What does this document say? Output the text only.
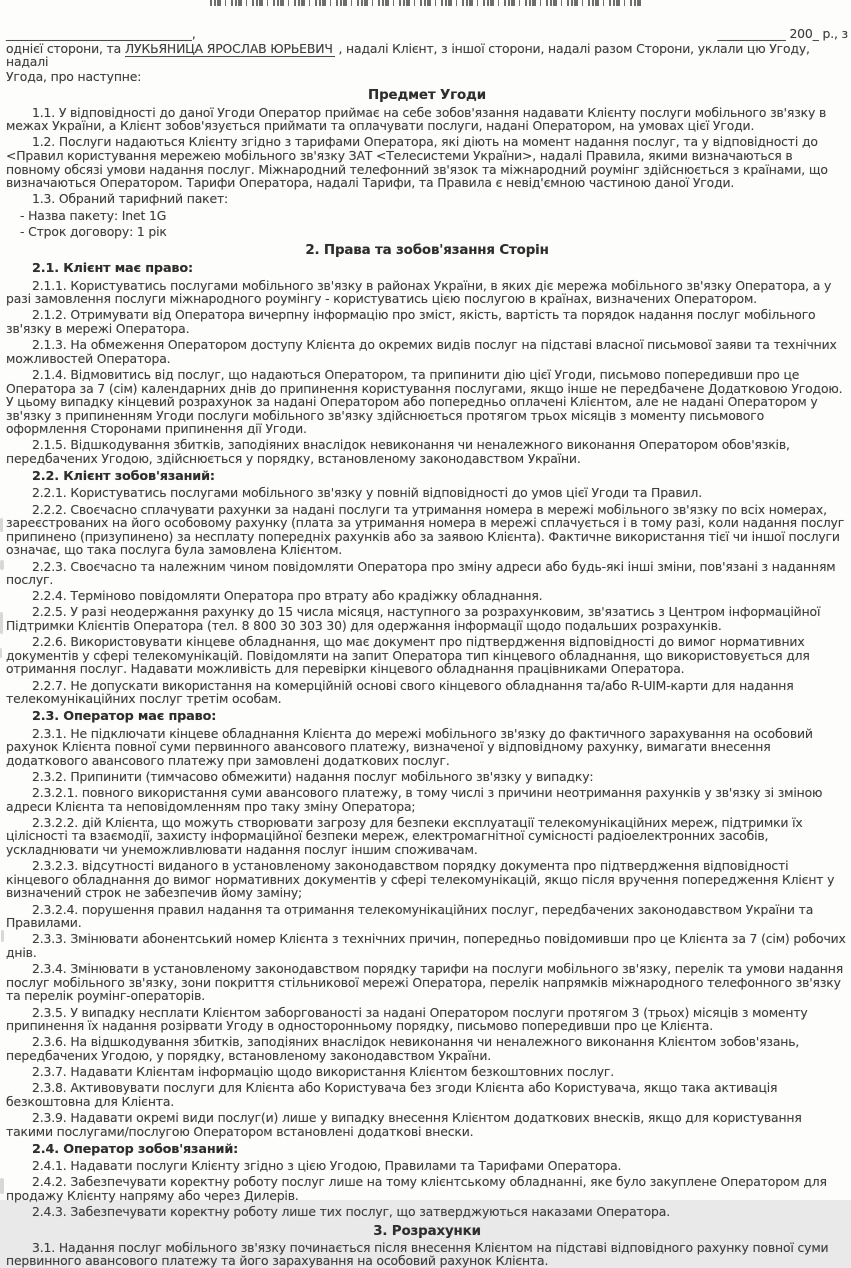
______________________________,	___________ 200_ р., з
однієї сторони, та ЛУКЬЯНИЦА ЯРОСЛАВ ЮРЬЕВИЧ , надалі Клієнт, з іншої сторони, надалі разом Сторони, уклали цю Угоду, надалі
Угода, про наступне:
Предмет Угоди

1.1. У відповідності до даної Угоди Оператор приймає на себе зобов'язання надавати Клієнту послуги мобільного зв'язку в межах України, а Клієнт зобов'язується приймати та оплачувати послуги, надані Оператором, на умовах цієї Угоди.

1.2. Послуги надаються Клієнту згідно з тарифами Оператора, які діють на момент надання послуг, та у відповідності до <Правил користування мережею мобільного зв'язку ЗАТ <Телесистеми України>, надалі Правила, якими визначаються в повному обсязі умови надання послуг. Міжнародний телефонний зв'язок та міжнародний роумінг здійснюється з країнами, що визначаються Оператором. Тарифи Оператора, надалі Тарифи, та Правила є невід'ємною частиною даної Угоди.

1.3. Обраний тарифний пакет:

- Назва пакету: Inet 1G

- Строк договору: 1 рік

2. Права та зобов'язання Сторін

2.1. Клієнт має право:

2.1.1. Користуватись послугами мобільного зв'язку в районах України, в яких діє мережа мобільного зв'язку Оператора, а у разі замовлення послуги міжнародного роумінгу - користуватись цією послугою в країнах, визначених Оператором.

2.1.2. Отримувати від Оператора вичерпну інформацію про зміст, якість, вартість та порядок надання послуг мобільного зв'язку в мережі Оператора.

2.1.3. На обмеження Оператором доступу Клієнта до окремих видів послуг на підставі власної письмової заяви та технічних можливостей Оператора.

2.1.4. Відмовитись від послуг, що надаються Оператором, та припинити дію цієї Угоди, письмово попередивши про це Оператора за 7 (сім) календарних днів до припинення користування послугами, якщо інше не передбачене Додатковою Угодою. У цьому випадку кінцевий розрахунок за надані Оператором або попередньо оплачені Клієнтом, але не надані Оператором у зв'язку з припиненням Угоди послуги мобільного зв'язку здійснюється протягом трьох місяців з моменту письмового оформлення Сторонами припинення дії Угоди.

2.1.5. Відшкодування збитків, заподіяних внаслідок невиконання чи неналежного виконання Оператором обов'язків, передбачених Угодою, здійснюється у порядку, встановленому законодавством України.

2.2. Клієнт зобов'язаний:

2.2.1. Користуватись послугами мобільного зв'язку у повній відповідності до умов цієї Угоди та Правил.

2.2.2. Своєчасно сплачувати рахунки за надані послуги та утримання номера в мережі мобільного зв'язку по всіх номерах, зареєстрованих на його особовому рахунку (плата за утримання номера в мережі сплачується і в тому разі, коли надання послуг припинено (призупинено) за несплату попередніх рахунків або за заявою Клієнта). Фактичне використання тієї чи іншої послуги означає, що така послуга була замовлена Клієнтом.

2.2.3. Своєчасно та належним чином повідомляти Оператора про зміну адреси або будь-які інші зміни, пов'язані з наданням послуг.

2.2.4. Терміново повідомляти Оператора про втрату або крадіжку обладнання.

2.2.5. У разі неодержання рахунку до 15 числа місяця, наступного за розрахунковим, зв'язатись з Центром інформаційної Підтримки Клієнтів Оператора (тел. 8 800 30 303 30) для одержання інформації щодо подальших розрахунків.

2.2.6. Використовувати кінцеве обладнання, що має документ про підтвердження відповідності до вимог нормативних документів у сфері телекомунікацій. Повідомляти на запит Оператора тип кінцевого обладнання, що використовується для отримання послуг. Надавати можливість для перевірки кінцевого обладнання працівниками Оператора.

2.2.7. Не допускати використання на комерційній основі свого кінцевого обладнання та/або R-UIM-карти для надання телекомунікаційних послуг третім особам.

2.3. Оператор має право:

2.3.1. Не підключати кінцеве обладнання Клієнта до мережі мобільного зв'язку до фактичного зарахування на особовий рахунок Клієнта повної суми первинного авансового платежу, визначеної у відповідному рахунку, вимагати внесення додаткового авансового платежу при замовлені додаткових послуг.

2.3.2. Припинити (тимчасово обмежити) надання послуг мобільного зв'язку у випадку:

2.3.2.1. повного використання суми авансового платежу, в тому числі з причини неотримання рахунків у зв'язку зі зміною адреси Клієнта та неповідомленням про таку зміну Оператора;

2.3.2.2. дій Клієнта, що можуть створювати загрозу для безпеки експлуатації телекомунікаційних мереж, підтримки їх цілісності та взаємодії, захисту інформаційної безпеки мереж, електромагнітної сумісності радіоелектронних засобів, ускладнювати чи унеможливлювати надання послуг іншим споживачам.

2.3.2.3. відсутності виданого в установленому законодавством порядку документа про підтвердження відповідності кінцевого обладнання до вимог нормативних документів у сфері телекомунікацій, якщо після вручення попередження Клієнт у визначений строк не забезпечив йому заміну;

2.3.2.4. порушення правил надання та отримання телекомунікаційних послуг, передбачених законодавством України та Правилами.

2.3.3. Змінювати абонентський номер Клієнта з технічних причин, попередньо повідомивши про це Клієнта за 7 (сім) робочих днів.

2.3.4. Змінювати в установленому законодавством порядку тарифи на послуги мобільного зв'язку, перелік та умови надання послуг мобільного зв'язку, зони покриття стільникової мережі Оператора, перелік напрямків міжнародного телефонного зв'язку та перелік роумінг-операторів.

2.3.5. У випадку несплати Клієнтом заборгованості за надані Оператором послуги протягом 3 (трьох) місяців з моменту припинення їх надання розірвати Угоду в односторонньому порядку, письмово попередивши про це Клієнта.

2.3.6. На відшкодування збитків, заподіяних внаслідок невиконання чи неналежного виконання Клієнтом зобов'язань, передбачених Угодою, у порядку, встановленому законодавством України.

2.3.7. Надавати Клієнтам інформацію щодо використання Клієнтом безкоштовних послуг.

2.3.8. Активовувати послуги для Клієнта або Користувача без згоди Клієнта або Користувача, якщо така активація безкоштовна для Клієнта.

2.3.9. Надавати окремі види послуг(и) лише у випадку внесення Клієнтом додаткових внесків, якщо для користування такими послугами/послугою Оператором встановлені додаткові внески.

2.4. Оператор зобов'язаний:

2.4.1. Надавати послуги Клієнту згідно з цією Угодою, Правилами та Тарифами Оператора.

2.4.2. Забезпечувати коректну роботу послуг лише на тому клієнтському обладнанні, яке було закуплене Оператором для продажу Клієнту напряму або через Дилерів.

2.4.3. Забезпечувати коректну роботу лише тих послуг, що затверджуються наказами Оператора.

3. Розрахунки

3.1. Надання послуг мобільного зв'язку починається після внесення Клієнтом на підставі відповідного рахунку повної суми первинного авансового платежу та його зарахування на особовий рахунок Клієнта.
